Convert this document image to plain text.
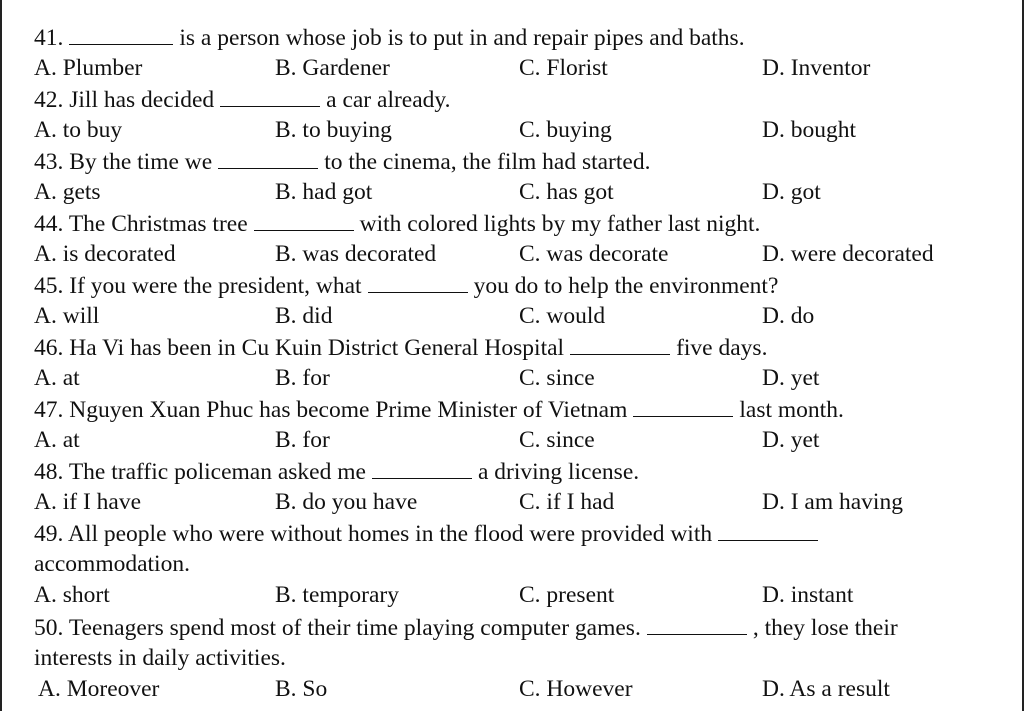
41.	is a person whose job is to put in and repair pipes and baths.
A. Plumber	B. Gardener	C. Florist	D. Inventor
42. Jill has decided	a car already.
A. to buy	B. to buying	C. buying	D. bought
43. By the time we	to the cinema, the film had started.
A. gets	B. had got	C. has got	D. got
44. The Christmas tree	with colored lights by my father last night.
A. is decorated	B. was decorated	C. was decorate	D. were decorated
45. If you were the president, what	you do to help the environment?
A. will	B. did	C. would	D. do
46. Ha Vi has been in Cu Kuin District General Hospital	five days.
A. at	B. for	C. since	D. yet
47. Nguyen Xuan Phuc has become Prime Minister of Vietnam	last month.
A. at	B. for	C. since	D. yet
48. The traffic policeman asked me	a driving license.
A. if I have	B. do you have	C. if I had	D. I am having
49. All people who were without homes in the flood were provided with
accommodation.
A. short	B. temporary	C. present	D. instant
50. Teenagers spend most of their time playing computer games.	, they lose their
interests in daily activities.
A. Moreover	B. So	C. However	D. As a result
